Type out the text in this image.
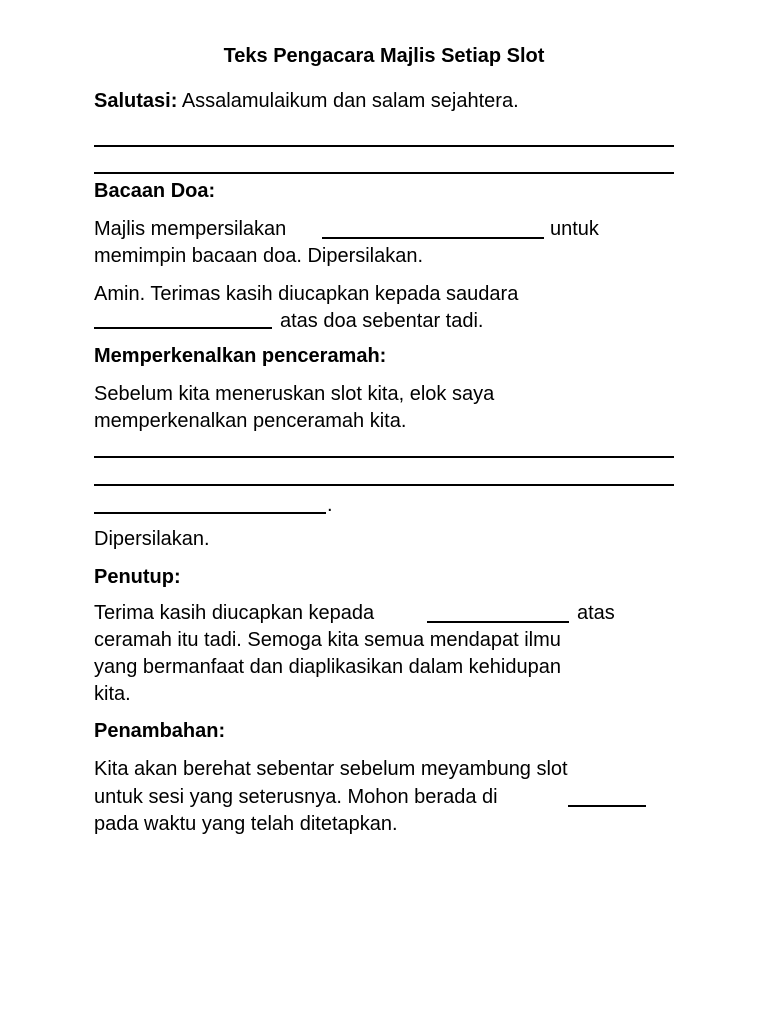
Teks Pengacara Majlis Setiap Slot
Salutasi: Assalamulaikum dan salam sejahtera.
Bacaan Doa:
Majlis mempersilakan	untuk
memimpin bacaan doa. Dipersilakan.
Amin. Terimas kasih diucapkan kepada saudara
atas doa sebentar tadi.
Memperkenalkan penceramah:
Sebelum kita meneruskan slot kita, elok saya
memperkenalkan penceramah kita.
.
Dipersilakan.
Penutup:
Terima kasih diucapkan kepada	atas
ceramah itu tadi. Semoga kita semua mendapat ilmu
yang bermanfaat dan diaplikasikan dalam kehidupan
kita.
Penambahan:
Kita akan berehat sebentar sebelum meyambung slot
untuk sesi yang seterusnya. Mohon berada di
pada waktu yang telah ditetapkan.
